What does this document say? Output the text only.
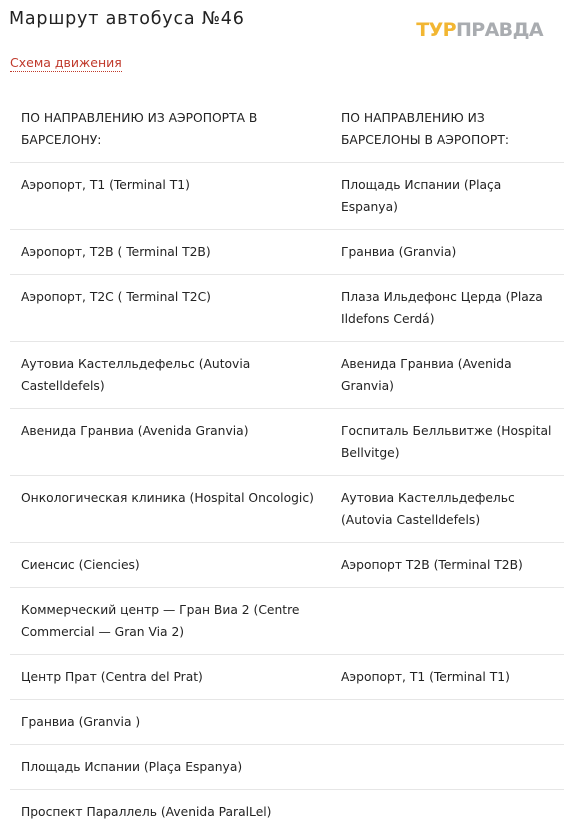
Маршрут автобуса №46	ТУРПРАВДА
Схема движения
ПО НАПРАВЛЕНИЮ ИЗ АЭРОПОРТА В БАРСЕЛОНУ:	ПО НАПРАВЛЕНИЮ ИЗ БАРСЕЛОНЫ В АЭРОПОРТ:
Аэропорт, Т1 (Terminal T1)	Площадь Испании (Plaça Espanya)
Аэропорт, Т2В ( Terminal T2B)	Гранвиа (Granvia)
Аэропорт, Т2С ( Terminal T2C)	Плаза Ильдефонс Церда (Plaza Ildefons Cerdá)
Аутовиа Кастелльдефельс (Autovia Castelldefels)	Авенида Гранвиа (Avenida Granvia)
Авенида Гранвиа (Avenida Granvia)	Госпиталь Белльвитже (Hospital Bellvitge)
Онкологическая клиника (Hospital Oncologic)	Аутовиа Кастелльдефельс (Autovia Castelldefels)
Сиенсис (Ciencies)	Аэропорт Т2В (Terminal T2B)
Коммерческий центр — Гран Виа 2 (Centre Commercial — Gran Via 2)	
Центр Прат (Centra del Prat)	Аэропорт, Т1 (Terminal T1)
Гранвиа (Granvia )	
Площадь Испании (Plaça Espanya)	
Проспект Параллель (Avenida ParalLel)	
